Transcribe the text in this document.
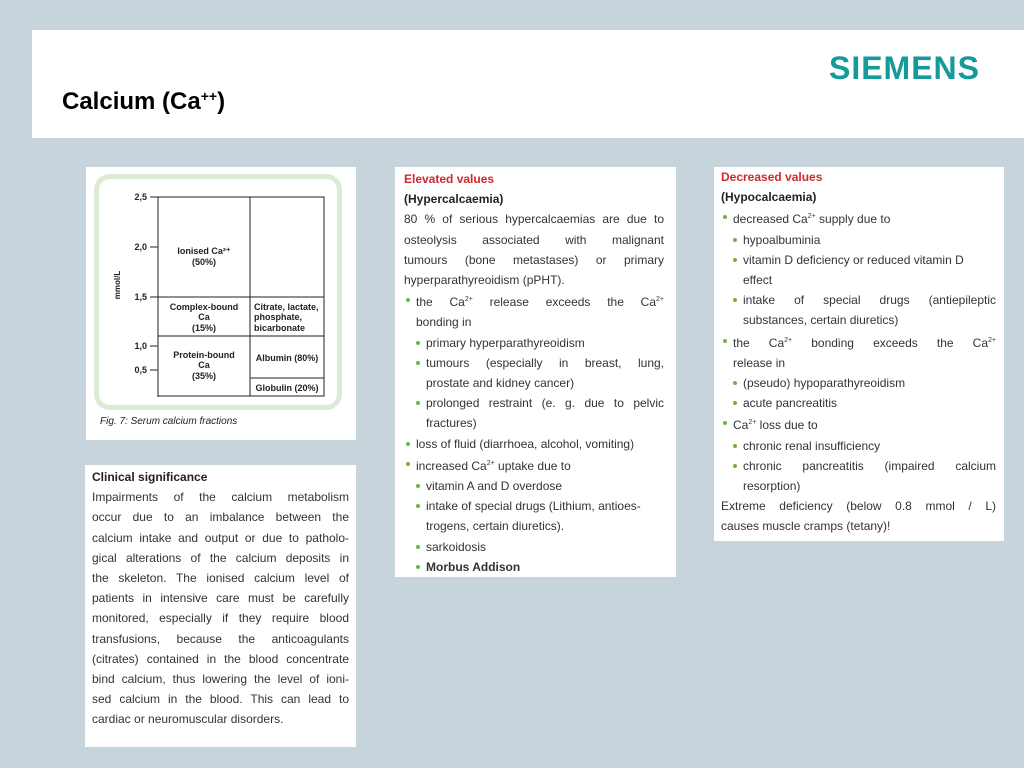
Calcium (Ca++)
SIEMENS
2,5
2,0
1,5
1,0
0,5
mmol/L
Ionised Ca²⁺
(50%)
Complex-bound
Ca
(15%)
Protein-bound
Ca
(35%)
Citrate, lactate,
phosphate,
bicarbonate
Albumin (80%)
Globulin (20%)
Fig. 7: Serum calcium fractions
Clinical significance
Impairments of the calcium metabolism
occur due to an imbalance between the
calcium intake and output or due to patholo-
gical alterations of the calcium deposits in
the skeleton. The ionised calcium level of
patients in intensive care must be carefully
monitored, especially if they require blood
transfusions, because the anticoagulants
(citrates) contained in the blood concentrate
bind calcium, thus lowering the level of ioni-
sed calcium in the blood. This can lead to
cardiac or neuromuscular disorders.
Elevated values
(Hypercalcaemia)
80 % of serious hypercalcaemias are due to
osteolysis associated with malignant
tumours (bone metastases) or primary
hyperparathyreoidism (pPHT).
the $Ca^{2+}$ release exceeds the $Ca^{2+}$
bonding in
primary hyperparathyreoidism
tumours (especially in breast, lung,
prostate and kidney cancer)
prolonged restraint (e. g. due to pelvic
fractures)
loss of fluid (diarrhoea, alcohol, vomiting)
increased $Ca^{2+}$ uptake due to
vitamin A and D overdose
intake of special drugs (Lithium, antioes-
trogens, certain diuretics).
sarkoidosis
Morbus Addison
Decreased values
(Hypocalcaemia)
decreased $Ca^{2+}$ supply due to
hypoalbuminia
vitamin D deficiency or reduced vitamin D
effect
intake of special drugs (antiepileptic
substances, certain diuretics)
the $Ca^{2+}$ bonding exceeds the $Ca^{2+}$
release in
(pseudo) hypoparathyreoidism
acute pancreatitis
$Ca^{2+}$ loss due to
chronic renal insufficiency
chronic pancreatitis (impaired calcium
resorption)
Extreme deficiency (below 0.8 mmol / L)
causes muscle cramps (tetany)!
